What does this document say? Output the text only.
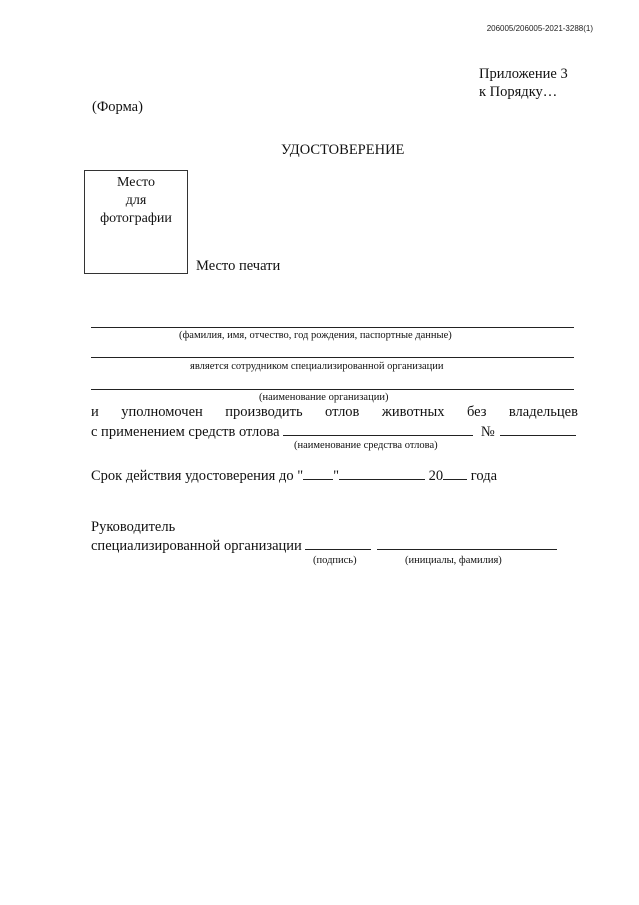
206005/206005-2021-3288(1)
Приложение 3
к Порядку…
(Форма)
УДОСТОВЕРЕНИЕ
Место
для
фотографии
Место печати
(фамилия, имя, отчество, год рождения, паспортные данные)
является сотрудником специализированной организации
(наименование организации)
и уполномочен производить отлов животных без владельцев
с применением средств отлова	№
(наименование средства отлова)
Срок действия удостоверения до " "	20 года
Руководитель
специализированной организации
(подпись)	(инициалы, фамилия)
